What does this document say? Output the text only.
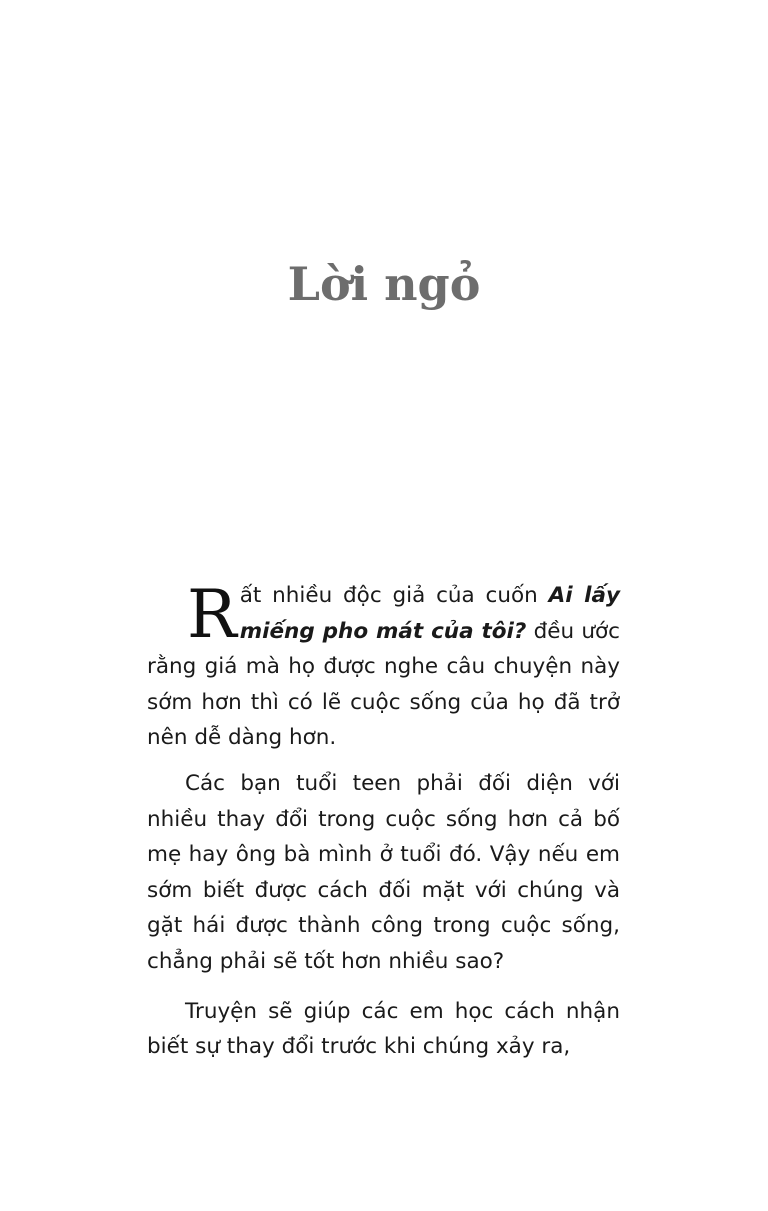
Lời ngỏ

Rất nhiều độc giả của cuốn Ai lấy miếng pho mát của tôi? đều ước rằng giá mà họ được nghe câu chuyện này sớm hơn thì có lẽ cuộc sống của họ đã trở nên dễ dàng hơn.

Các bạn tuổi teen phải đối diện với nhiều thay đổi trong cuộc sống hơn cả bố mẹ hay ông bà mình ở tuổi đó. Vậy nếu em sớm biết được cách đối mặt với chúng và gặt hái được thành công trong cuộc sống, chẳng phải sẽ tốt hơn nhiều sao?

Truyện sẽ giúp các em học cách nhận biết sự thay đổi trước khi chúng xảy ra,
